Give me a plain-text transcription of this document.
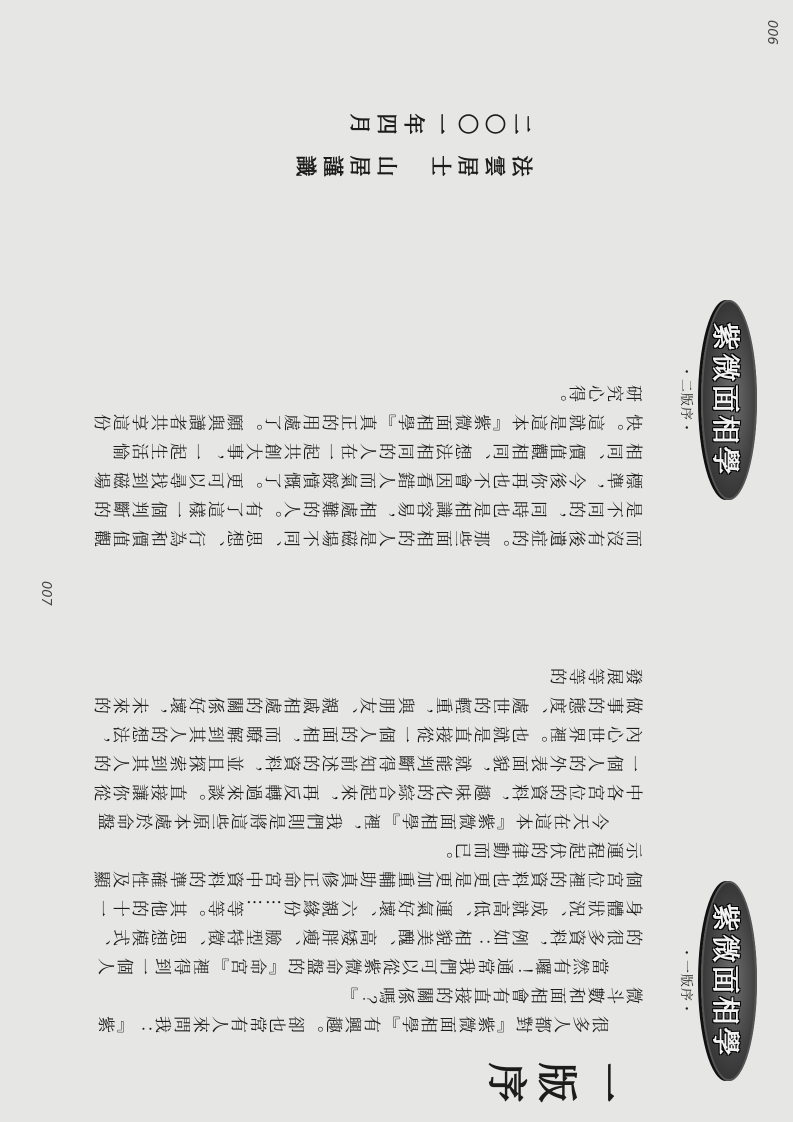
紫微面相學
・二版序・
006

而沒有後遺症的。那些面相的人是磁場不同、思想、行為和價值觀是不同的，同時也是相識容易，相處難的人。有了這樣一個判斷的標準，今後你再也不會因看錯人而氣餒憤慨了。更可以尋找到磁場相同、價值觀相同、想法相同的人在一起共創大事，一起生活愉快。這就是這本『紫微面相學』真正的用處了。願與讀者共享這份研究心得。

法雲居士　山居謹識
二〇〇一年四月
紫微面相學
・一版序・
一版序

很多人都對『紫微面相學』有興趣。卻也常有人來問我：『紫微斗數和面相會有直接的關係嗎？』

當然有囉！通常我們可以從紫微命盤的『命宮』裡得到一個人的很多資料，例如：相貌美醜、高矮胖瘦、臉型特徵、思想模式、身體狀況、成就高低、運氣好壞、六親緣份……等等。其他的十一個宮位裡的資料也更是更加重輔助真修正命宮中資料的準確性及顯示運程起伏的律動而已。

今天在這本『紫微面相學』裡，我們則是將這些原本處於命盤中各宮位的資料，趣味化的綜合起來，再反轉過來談。直接讓你從一個人的外表面貌，就能判斷得知前述的資料，並且探索到其人的內心世界裡。也就是直接從一個人的面相，而瞭解到其人的想法，做事的態度、處世的輕重，與朋友、親戚相處的關係好壞，未來的發展等等的

007
